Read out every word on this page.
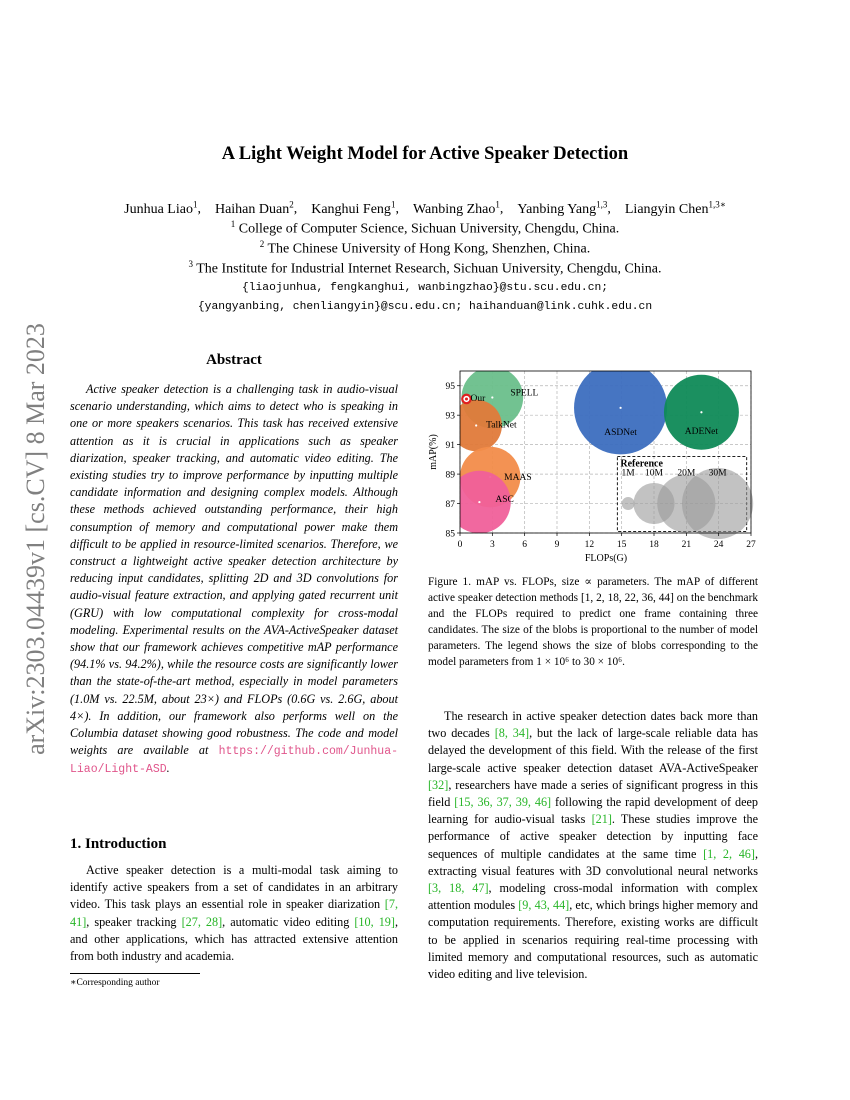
arXiv:2303.04439v1 [cs.CV] 8 Mar 2023
A Light Weight Model for Active Speaker Detection
Junhua Liao$^1$, Haihan Duan$^2$, Kanghui Feng$^1$, Wanbing Zhao$^1$, Yanbing Yang$^{1,3}$, Liangyin Chen$^{1,3∗}$
$^1$ College of Computer Science, Sichuan University, Chengdu, China.
$^2$ The Chinese University of Hong Kong, Shenzhen, China.
$^3$ The Institute for Industrial Internet Research, Sichuan University, Chengdu, China.
{liaojunhua, fengkanghui, wanbingzhao}@stu.scu.edu.cn;
{yangyanbing, chenliangyin}@scu.edu.cn; haihanduan@link.cuhk.edu.cn
Abstract

Active speaker detection is a challenging task in audio-visual scenario understanding, which aims to detect who is speaking in one or more speakers scenarios. This task has received extensive attention as it is crucial in applications such as speaker diarization, speaker tracking, and automatic video editing. The existing studies try to improve performance by inputting multiple candidate information and designing complex models. Although these methods achieved outstanding performance, their high consumption of memory and computational power make them difficult to be applied in resource-limited scenarios. Therefore, we construct a lightweight active speaker detection architecture by reducing input candidates, splitting 2D and 3D convolutions for audio-visual feature extraction, and applying gated recurrent unit (GRU) with low computational complexity for cross-modal modeling. Experimental results on the AVA-ActiveSpeaker dataset show that our framework achieves competitive mAP performance (94.1% vs. 94.2%), while the resource costs are significantly lower than the state-of-the-art method, especially in model parameters (1.0M vs. 22.5M, about 23×) and FLOPs (0.6G vs. 2.6G, about 4×). In addition, our framework also performs well on the Columbia dataset showing good robustness. The code and model weights are available at https://github.com/Junhua-Liao/Light-ASD.

1. Introduction

Active speaker detection is a multi-modal task aiming to identify active speakers from a set of candidates in an arbitrary video. This task plays an essential role in speaker diarization [7, 41], speaker tracking [27, 28], automatic video editing [10, 19], and other applications, which has attracted extensive attention from both industry and academia.

∗Corresponding author
Reference
1M 10M 20M 30M
SPELL
TalkNet
ASDNet	ADENet
MAAS
ASC
Our
0	3	6	9	12 15 18 21 24 27
85
87
89
91
93
95
FLOPs(G)
mAP(%)
Figure 1. mAP vs. FLOPs, size ∝ parameters. The mAP of different active speaker detection methods [1, 2, 18, 22, 36, 44] on the benchmark and the FLOPs required to predict one frame containing three candidates. The size of the blobs is proportional to the number of model parameters. The legend shows the size of blobs corresponding to the model parameters from 1 × 10⁶ to 30 × 10⁶.

The research in active speaker detection dates back more than two decades [8, 34], but the lack of large-scale reliable data has delayed the development of this field. With the release of the first large-scale active speaker detection dataset AVA-ActiveSpeaker [32], researchers have made a series of significant progress in this field [15, 36, 37, 39, 46] following the rapid development of deep learning for audio-visual tasks [21]. These studies improve the performance of active speaker detection by inputting face sequences of multiple candidates at the same time [1, 2, 46], extracting visual features with 3D convolutional neural networks [3, 18, 47], modeling cross-modal information with complex attention modules [9, 43, 44], etc, which brings higher memory and computation requirements. Therefore, existing works are difficult to be applied in scenarios requiring real-time processing with limited memory and computational resources, such as automatic video editing and live television.
